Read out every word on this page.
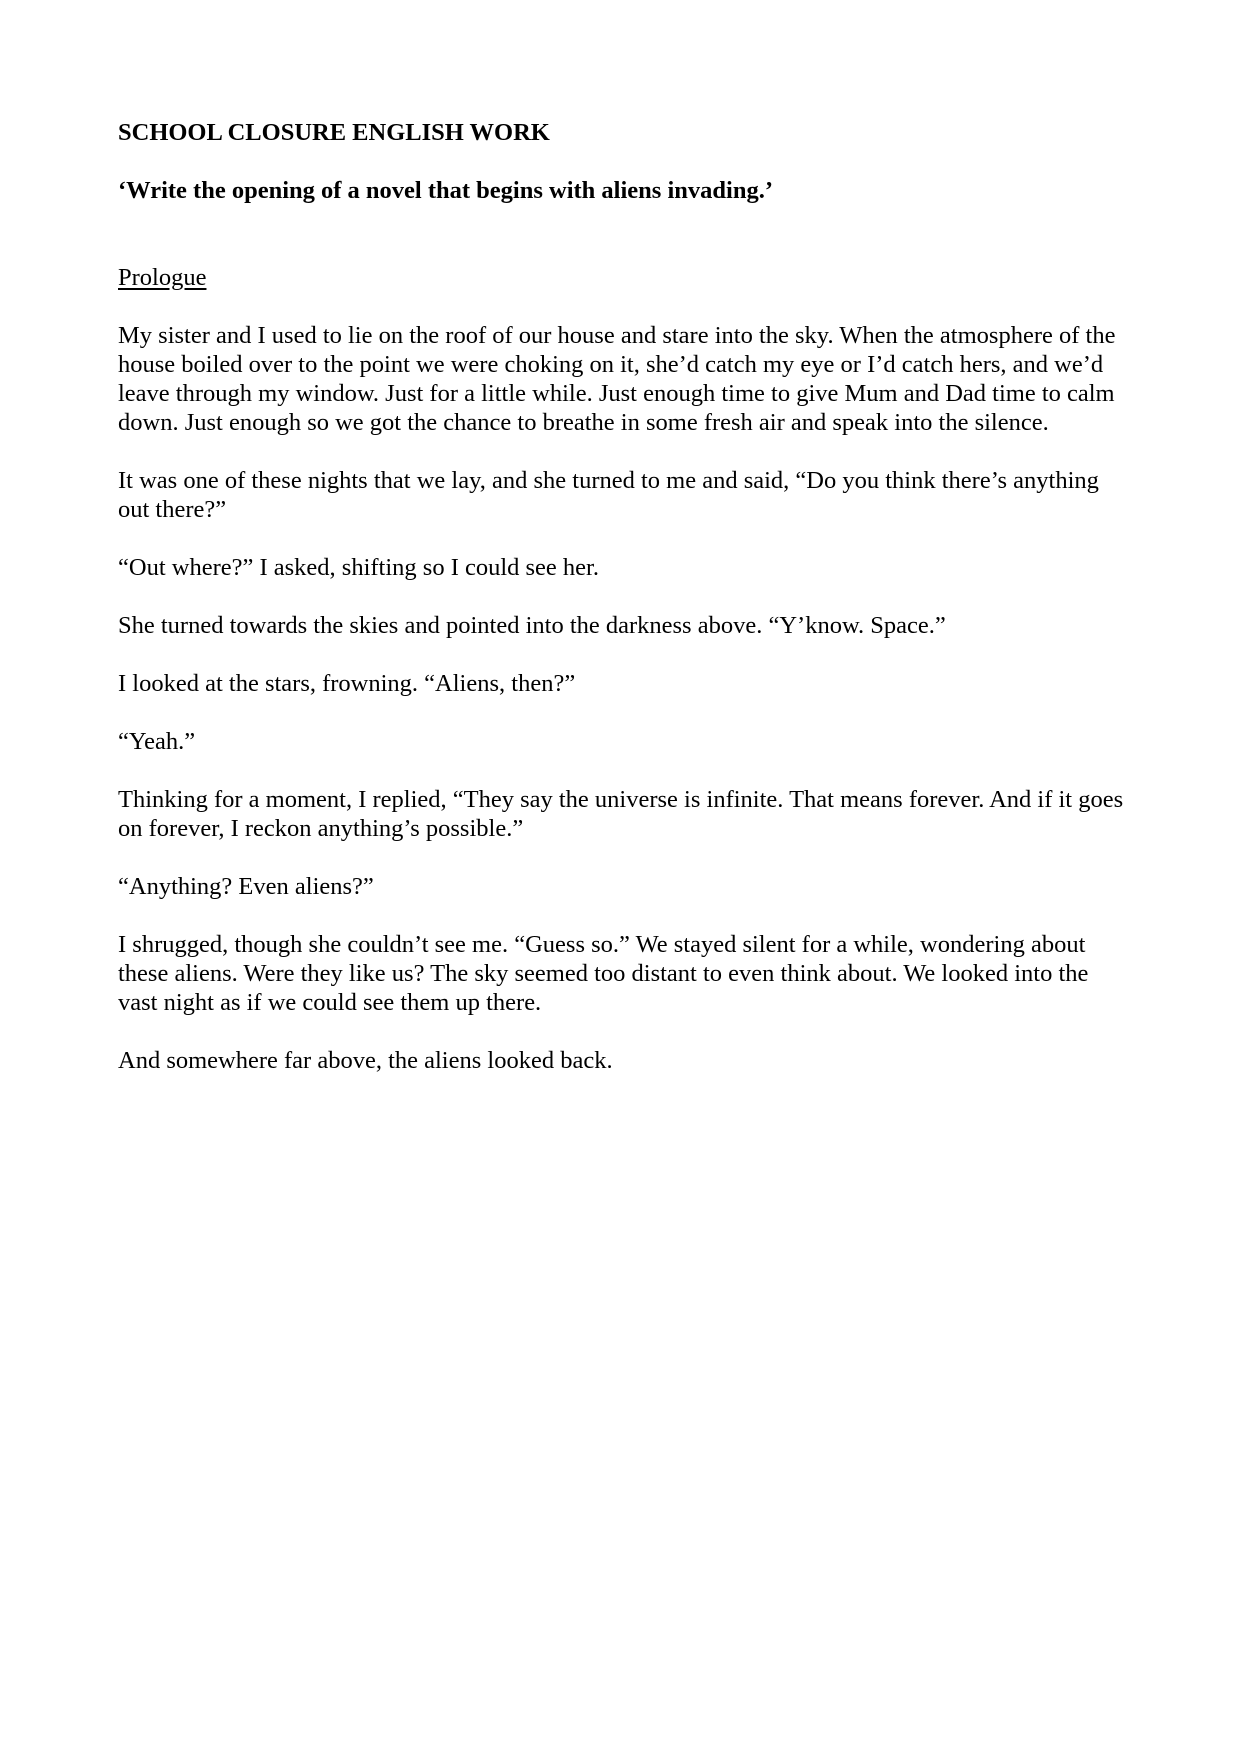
SCHOOL CLOSURE ENGLISH WORK

‘Write the opening of a novel that begins with aliens invading.’

Prologue

My sister and I used to lie on the roof of our house and stare into the sky. When the atmosphere of the house boiled over to the point we were choking on it, she’d catch my eye or I’d catch hers, and we’d leave through my window. Just for a little while. Just enough time to give Mum and Dad time to calm down. Just enough so we got the chance to breathe in some fresh air and speak into the silence.

It was one of these nights that we lay, and she turned to me and said, “Do you think there’s anything out there?”

“Out where?” I asked, shifting so I could see her.

She turned towards the skies and pointed into the darkness above. “Y’know. Space.”

I looked at the stars, frowning. “Aliens, then?”

“Yeah.”

Thinking for a moment, I replied, “They say the universe is infinite. That means forever. And if it goes on forever, I reckon anything’s possible.”

“Anything? Even aliens?”

I shrugged, though she couldn’t see me. “Guess so.” We stayed silent for a while, wondering about these aliens. Were they like us? The sky seemed too distant to even think about. We looked into the vast night as if we could see them up there.

And somewhere far above, the aliens looked back.
